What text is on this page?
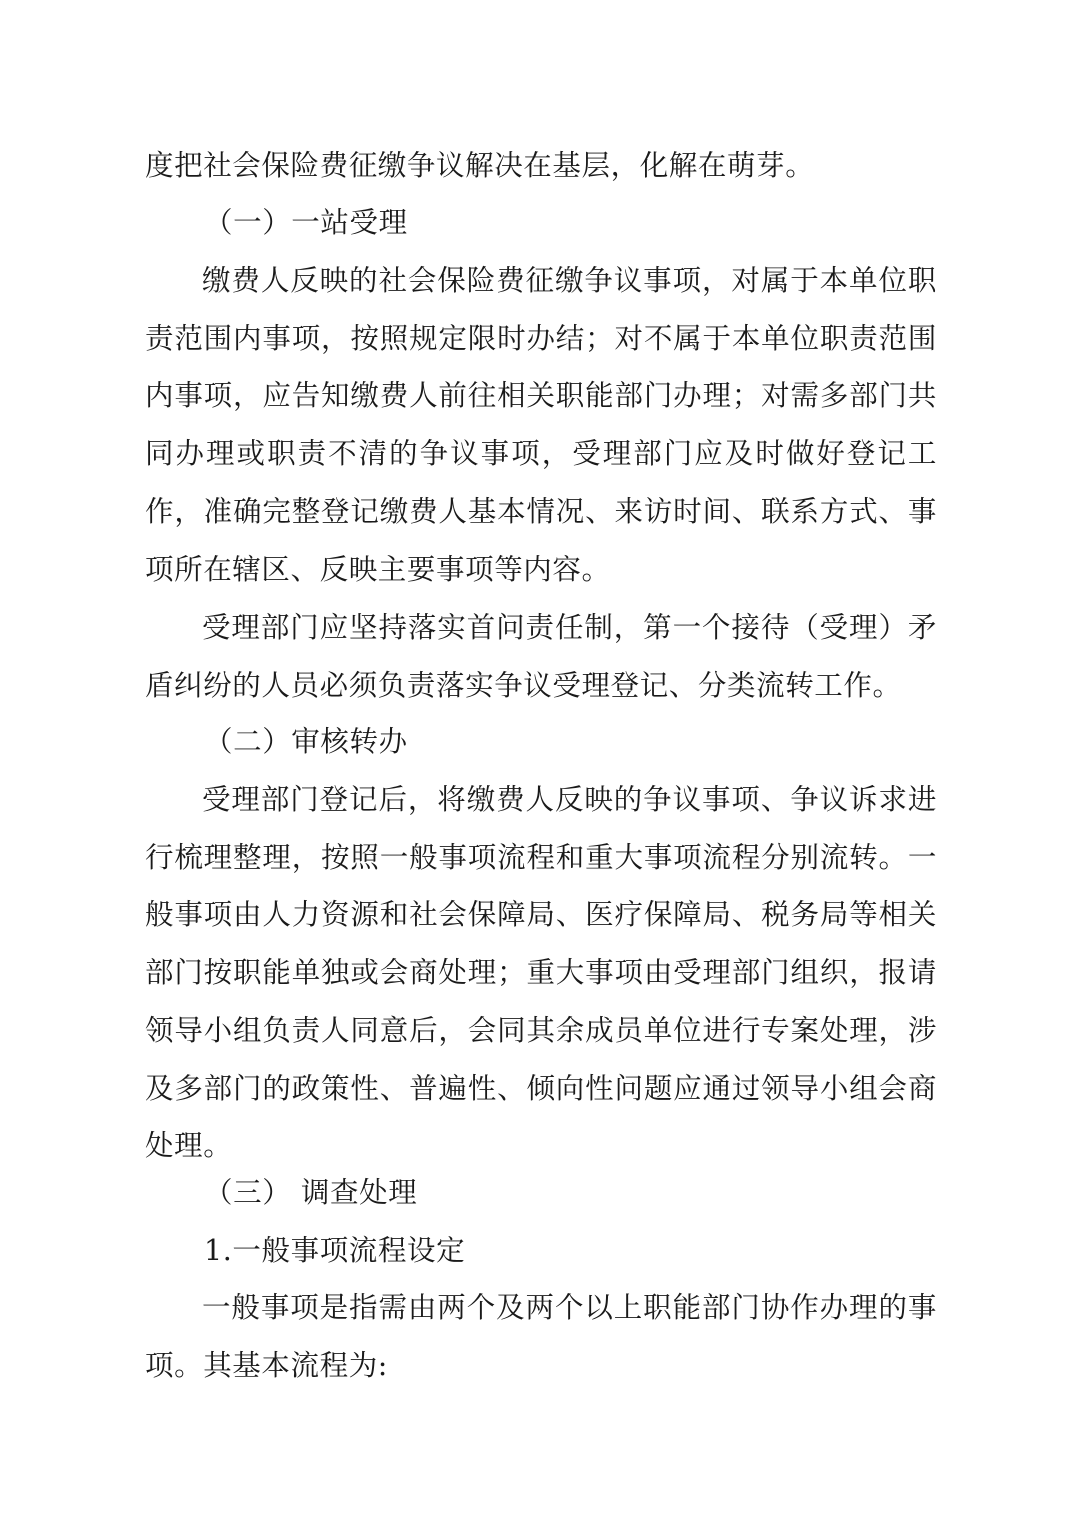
度把社会保险费征缴争议解决在基层，化解在萌芽。

（一）一站受理

缴费人反映的社会保险费征缴争议事项，对属于本单位职责范围内事项，按照规定限时办结；对不属于本单位职责范围内事项，应告知缴费人前往相关职能部门办理；对需多部门共同办理或职责不清的争议事项，受理部门应及时做好登记工作，准确完整登记缴费人基本情况、来访时间、联系方式、事项所在辖区、反映主要事项等内容。

受理部门应坚持落实首问责任制，第一个接待（受理）矛盾纠纷的人员必须负责落实争议受理登记、分类流转工作。

（二）审核转办

受理部门登记后，将缴费人反映的争议事项、争议诉求进行梳理整理，按照一般事项流程和重大事项流程分别流转。一般事项由人力资源和社会保障局、医疗保障局、税务局等相关部门按职能单独或会商处理；重大事项由受理部门组织，报请领导小组负责人同意后，会同其余成员单位进行专案处理，涉及多部门的政策性、普遍性、倾向性问题应通过领导小组会商处理。

（三） 调查处理

1.一般事项流程设定

一般事项是指需由两个及两个以上职能部门协作办理的事项。其基本流程为:
